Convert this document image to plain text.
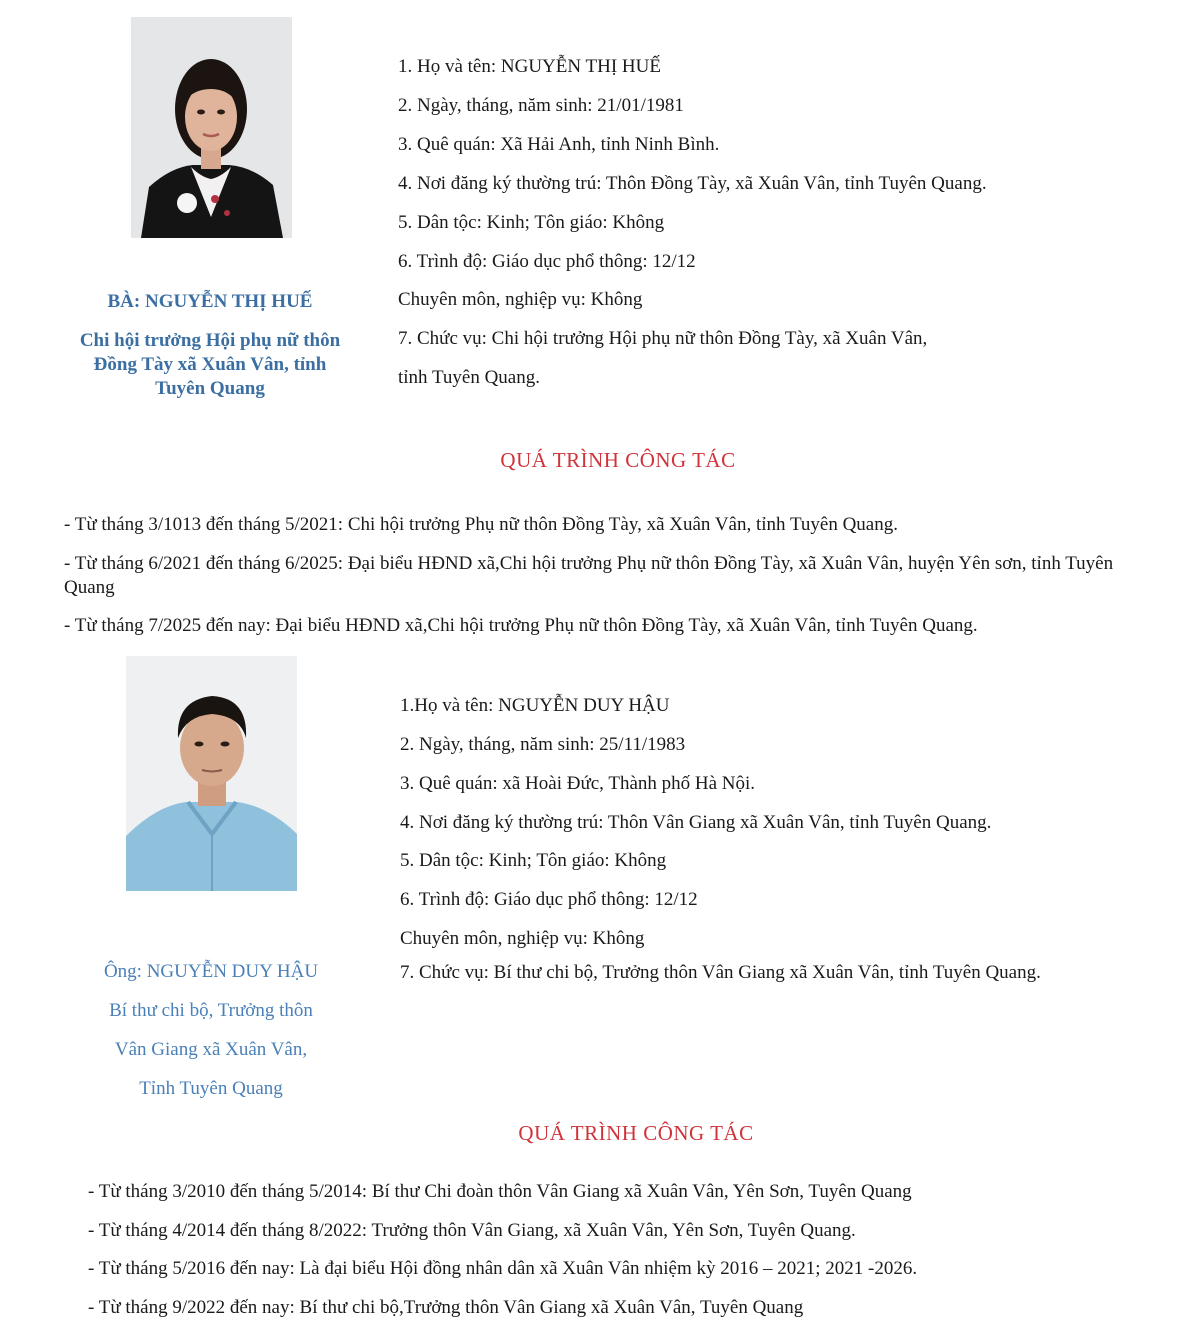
BÀ: NGUYỄN THỊ HUẾ
Chi hội trưởng Hội phụ nữ thôn
Đồng Tày xã Xuân Vân, tỉnh
Tuyên Quang
1. Họ và tên: NGUYỄN THỊ HUẾ
2. Ngày, tháng, năm sinh: 21/01/1981
3. Quê quán: Xã Hải Anh, tỉnh Ninh Bình.
4. Nơi đăng ký thường trú: Thôn Đồng Tày, xã Xuân Vân, tỉnh Tuyên Quang.
5. Dân tộc: Kinh; Tôn giáo: Không
6. Trình độ: Giáo dục phổ thông: 12/12
Chuyên môn, nghiệp vụ: Không
7. Chức vụ: Chi hội trưởng Hội phụ nữ thôn Đồng Tày, xã Xuân Vân,
tỉnh Tuyên Quang.
QUÁ TRÌNH CÔNG TÁC
- Từ tháng 3/1013 đến tháng 5/2021: Chi hội trưởng Phụ nữ thôn Đồng Tày, xã Xuân Vân, tỉnh Tuyên Quang.
- Từ tháng 6/2021 đến tháng 6/2025: Đại biểu HĐND xã,Chi hội trưởng Phụ nữ thôn Đồng Tày, xã Xuân Vân, huyện Yên sơn, tỉnh Tuyên Quang
- Từ tháng 7/2025 đến nay: Đại biểu HĐND xã,Chi hội trưởng Phụ nữ thôn Đồng Tày, xã Xuân Vân, tỉnh Tuyên Quang.
Ông: NGUYỄN DUY HẬU
Bí thư chi bộ, Trưởng thôn
Vân Giang xã Xuân Vân,
Tỉnh Tuyên Quang
1.Họ và tên: NGUYỄN DUY HẬU
2. Ngày, tháng, năm sinh: 25/11/1983
3. Quê quán: xã Hoài Đức, Thành phố Hà Nội.
4. Nơi đăng ký thường trú: Thôn Vân Giang xã Xuân Vân, tỉnh Tuyên Quang.
5. Dân tộc: Kinh; Tôn giáo: Không
6. Trình độ: Giáo dục phổ thông: 12/12
Chuyên môn, nghiệp vụ: Không
7. Chức vụ: Bí thư chi bộ, Trưởng thôn Vân Giang xã Xuân Vân, tỉnh Tuyên Quang.
QUÁ TRÌNH CÔNG TÁC
- Từ tháng 3/2010 đến tháng 5/2014: Bí thư Chi đoàn thôn Vân Giang xã Xuân Vân, Yên Sơn, Tuyên Quang
- Từ tháng 4/2014 đến tháng 8/2022: Trưởng thôn Vân Giang, xã Xuân Vân, Yên Sơn, Tuyên Quang.
- Từ tháng 5/2016 đến nay: Là đại biểu Hội đồng nhân dân xã Xuân Vân nhiệm kỳ 2016 – 2021; 2021 -2026.
- Từ tháng 9/2022 đến nay: Bí thư chi bộ,Trưởng thôn Vân Giang xã Xuân Vân, Tuyên Quang
